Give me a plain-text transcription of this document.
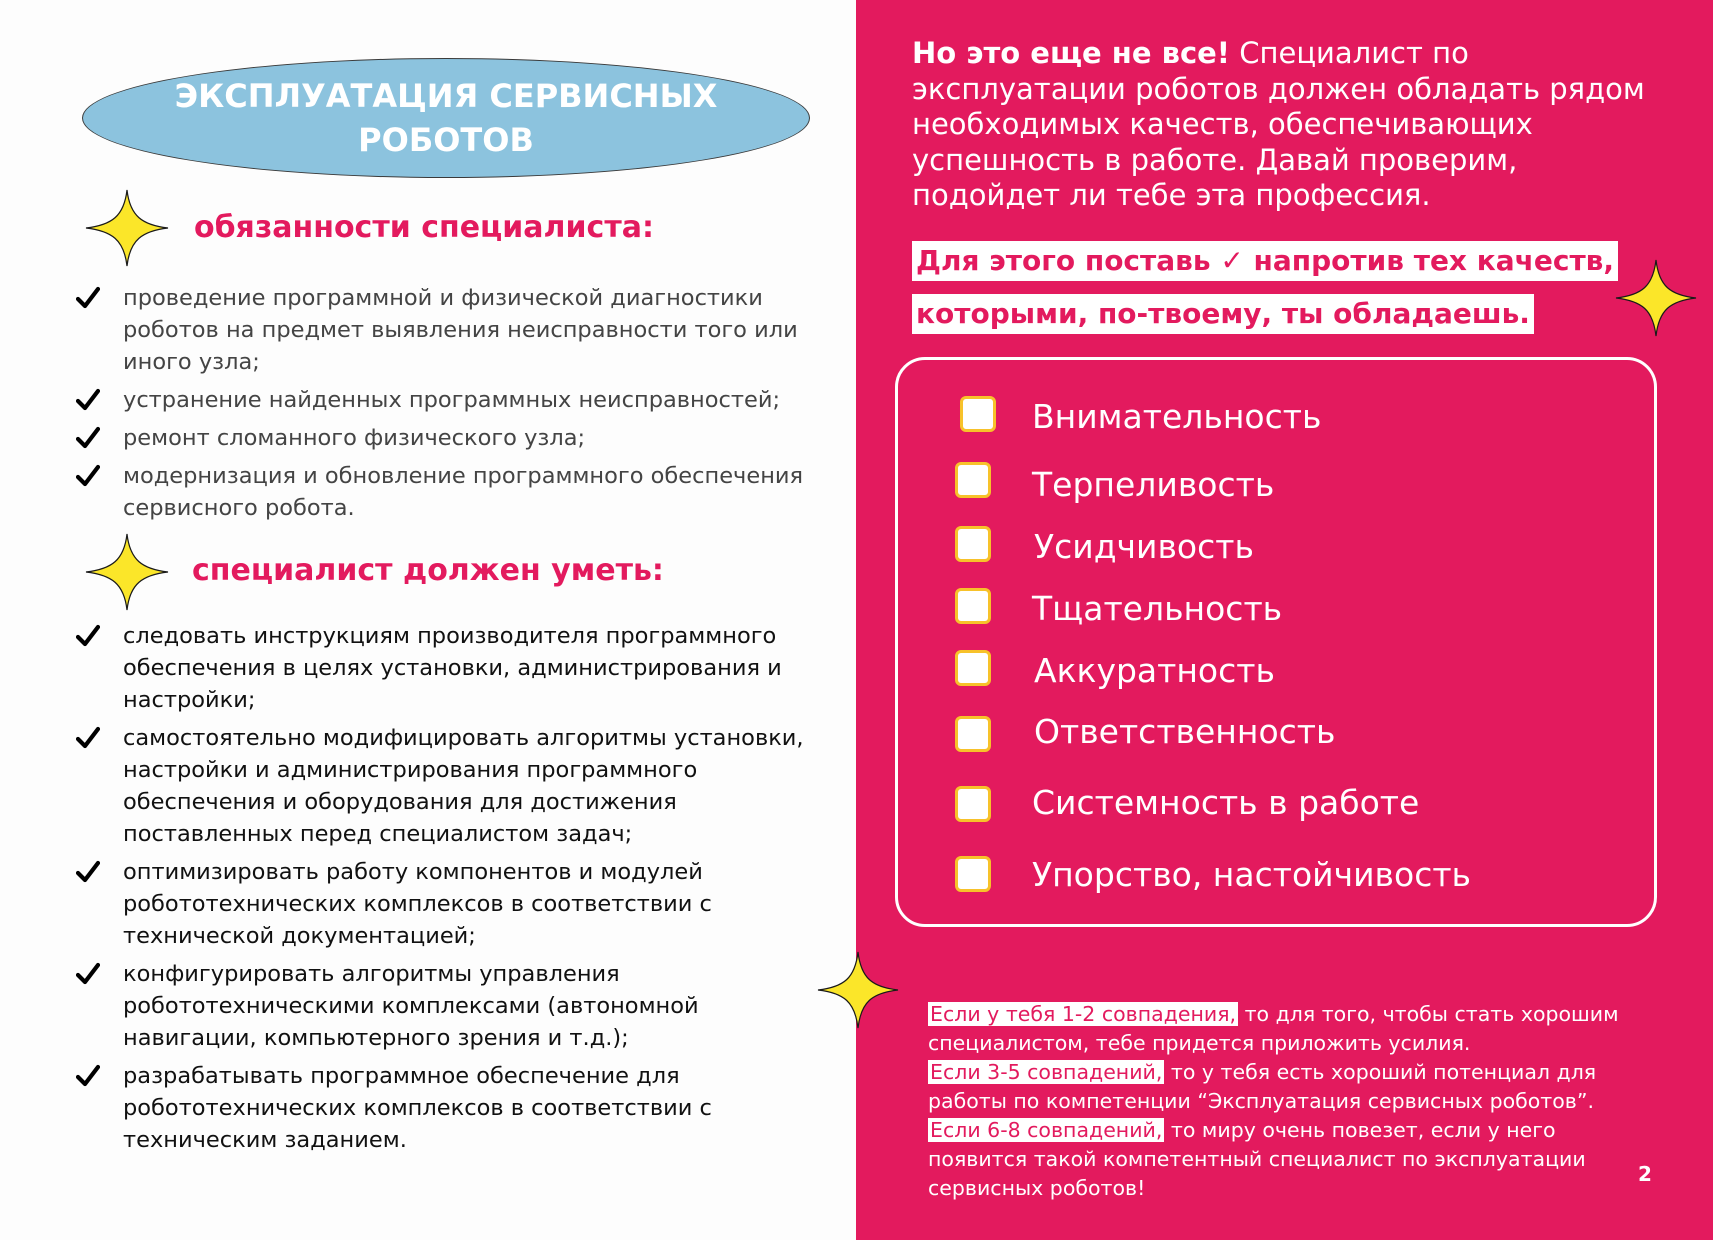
ЭКСПЛУАТАЦИЯ СЕРВИСНЫХ РОБОТОВ
обязанности специалиста:
проведение программной и физической диагностики роботов на предмет выявления неисправности того или иного узла;
устранение найденных программных неисправностей;
ремонт сломанного физического узла;
модернизация и обновление программного обеспечения сервисного робота.
специалист должен уметь:
следовать инструкциям производителя программного обеспечения в целях установки, администрирования и настройки;
самостоятельно модифицировать алгоритмы установки, настройки и администрирования программного обеспечения и оборудования для достижения поставленных перед специалистом задач;
оптимизировать работу компонентов и модулей робототехнических комплексов в соответствии с технической документацией;
конфигурировать алгоритмы управления робототехническими комплексами (автономной навигации, компьютерного зрения и т.д.);
разрабатывать программное обеспечение для робототехнических комплексов в соответствии с техническим заданием.
Но это еще не все! Специалист по эксплуатации роботов должен обладать рядом необходимых качеств, обеспечивающих успешность в работе. Давай проверим, подойдет ли тебе эта профессия.
Для этого поставь ✓ напротив тех качеств,
которыми, по-твоему, ты обладаешь.
Внимательность
Терпеливость
Усидчивость
Тщательность
Аккуратность
Ответственность
Системность в работе
Упорство, настойчивость
Если у тебя 1-2 совпадения, то для того, чтобы стать хорошим специалистом, тебе придется приложить усилия.
Если 3-5 совпадений, то у тебя есть хороший потенциал для работы по компетенции “Эксплуатация сервисных роботов”.
Если 6-8 совпадений, то миру очень повезет, если у него появится такой компетентный специалист по эксплуатации сервисных роботов!
2
